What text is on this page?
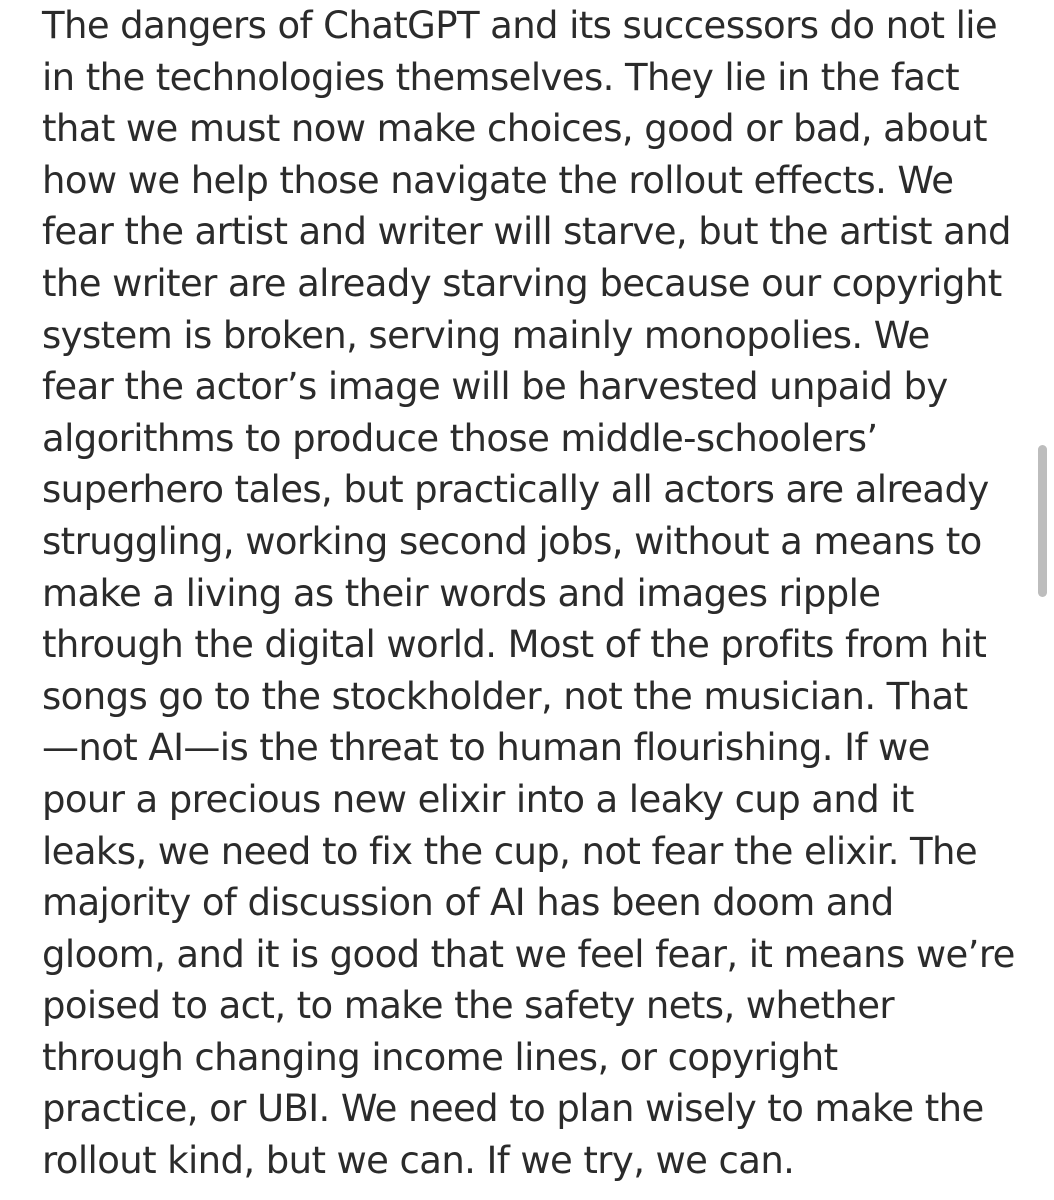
The dangers of ChatGPT and its successors do not lie
in the technologies themselves. They lie in the fact
that we must now make choices, good or bad, about
how we help those navigate the rollout effects. We
fear the artist and writer will starve, but the artist and
the writer are already starving because our copyright
system is broken, serving mainly monopolies. We
fear the actor’s image will be harvested unpaid by
algorithms to produce those middle-schoolers’
superhero tales, but practically all actors are already
struggling, working second jobs, without a means to
make a living as their words and images ripple
through the digital world. Most of the profits from hit
songs go to the stockholder, not the musician. That
—not AI—is the threat to human flourishing. If we
pour a precious new elixir into a leaky cup and it
leaks, we need to fix the cup, not fear the elixir. The
majority of discussion of AI has been doom and
gloom, and it is good that we feel fear, it means we’re
poised to act, to make the safety nets, whether
through changing income lines, or copyright
practice, or UBI. We need to plan wisely to make the
rollout kind, but we can. If we try, we can.
